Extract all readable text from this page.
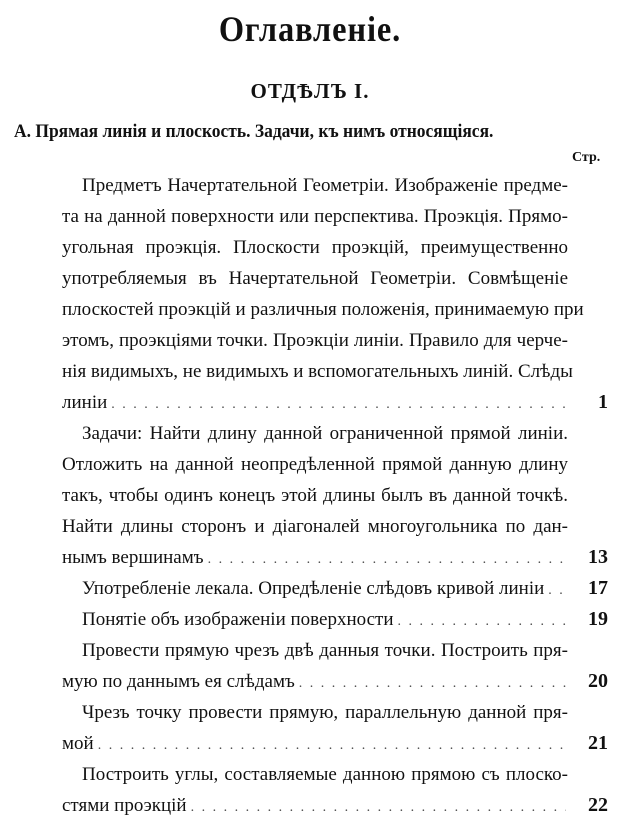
Оглавленіе.
ОТДѢЛЪ I.
А. Прямая линія и плоскость. Задачи, къ нимъ относящіяся.
Стр.
Предметъ Начертательной Геометріи. Изображеніе предме-
та на данной поверхности или перспектива. Проэкція. Прямо-
угольная проэкція. Плоскости проэкцій, преимущественно
употребляемыя въ Начертательной Геометріи. Совмѣщеніе
плоскостей проэкцій и различныя положенія, принимаемую при
этомъ, проэкціями точки. Проэкціи линіи. Правило для черче-
нія видимыхъ, не видимыхъ и вспомогательныхъ линій. Слѣды
линіи . . .	1
Задачи: Найти длину данной ограниченной прямой линіи.
Отложить на данной неопредѣленной прямой данную длину
такъ, чтобы одинъ конецъ этой длины былъ въ данной точкѣ.
Найти длины сторонъ и діагоналей многоугольника по дан-
нымъ вершинамъ . . .	13
Употребленіе лекала. Опредѣленіе слѣдовъ кривой линіи . . .	17
Понятіе объ изображеніи поверхности . . .	19
Провести прямую чрезъ двѣ данныя точки. Построить пря-
мую по даннымъ ея слѣдамъ . . .	20
Чрезъ точку провести прямую, параллельную данной пря-
мой . . .	21
Построить углы, составляемые данною прямою съ плоско-
стями проэкцій . . .	22
